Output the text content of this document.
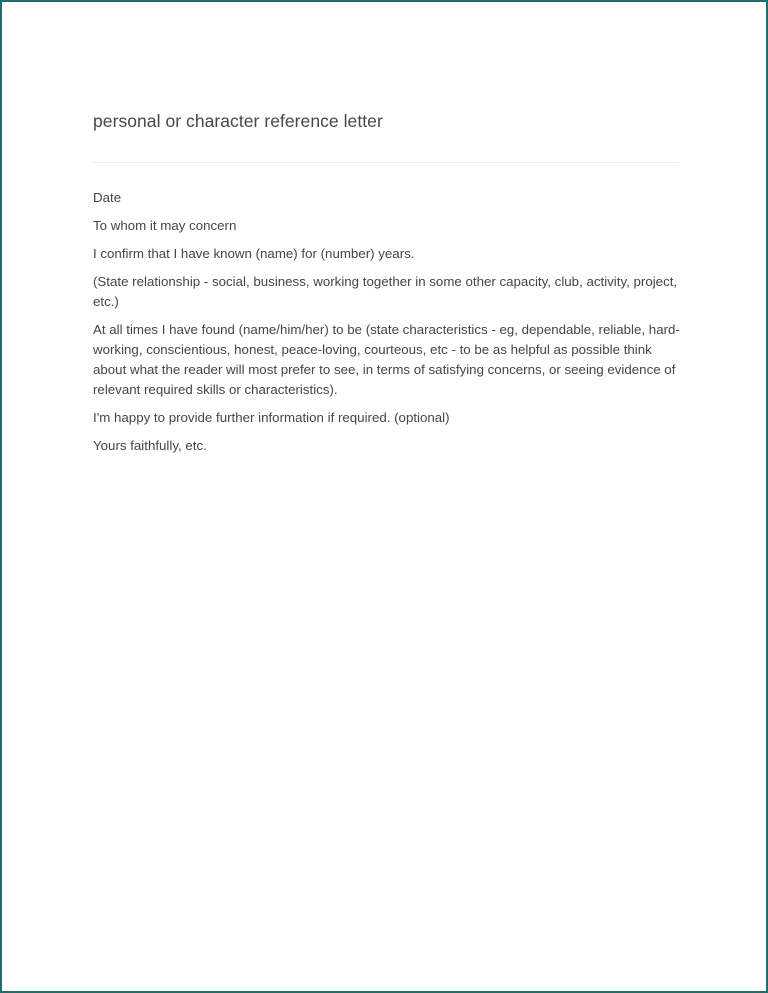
personal or character reference letter

Date

To whom it may concern

I confirm that I have known (name) for (number) years.

(State relationship - social, business, working together in some other capacity, club, activity, project, etc.)

At all times I have found (name/him/her) to be (state characteristics - eg, dependable, reliable, hard-working, conscientious, honest, peace-loving, courteous, etc - to be as helpful as possible think about what the reader will most prefer to see, in terms of satisfying concerns, or seeing evidence of relevant required skills or characteristics).

I'm happy to provide further information if required. (optional)

Yours faithfully, etc.
